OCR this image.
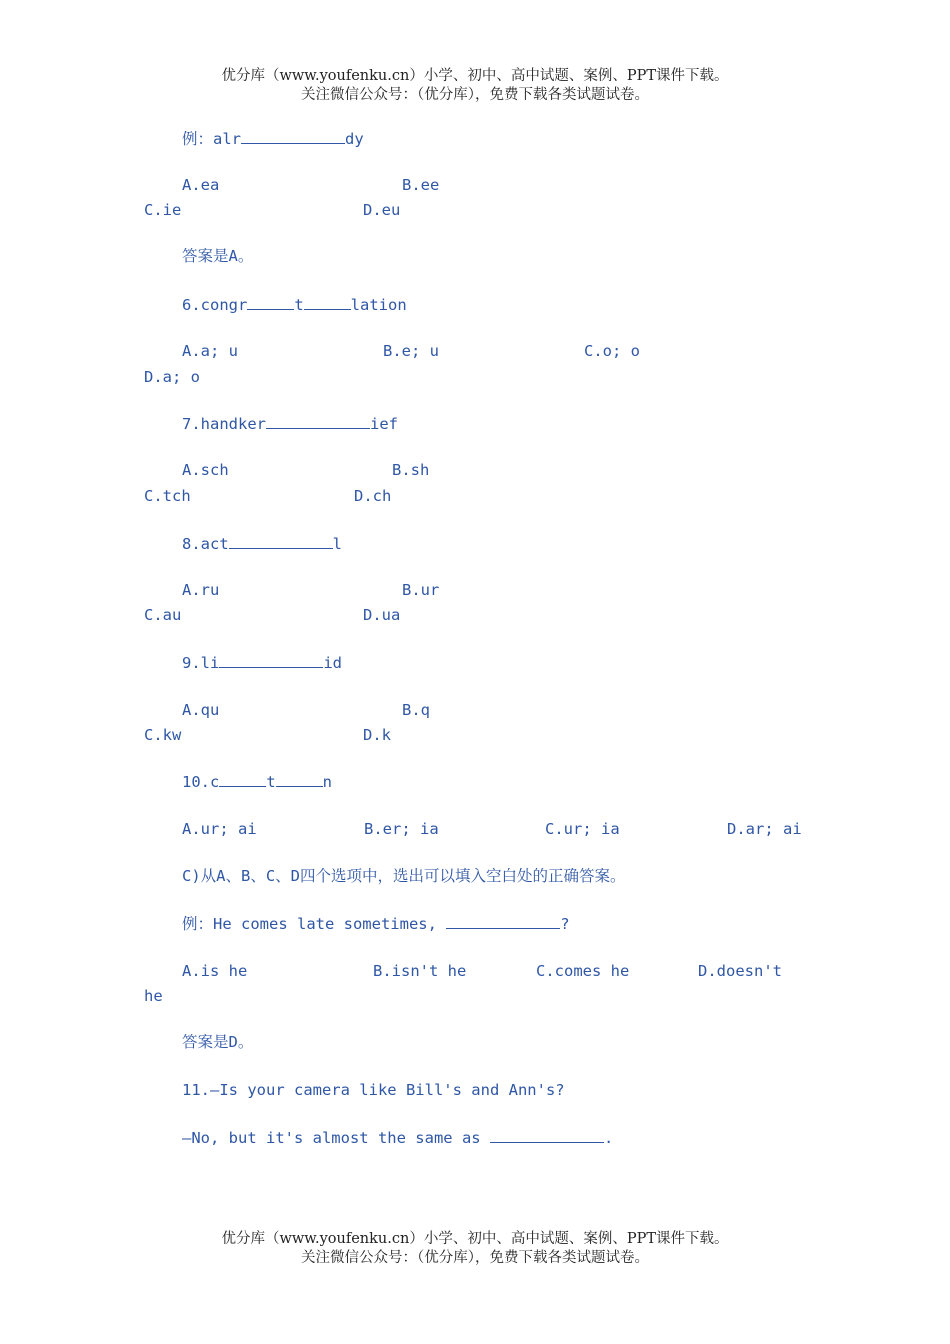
优分库（www.youfenku.cn）小学、初中、高中试题、案例、PPT课件下载。
关注微信公众号：（优分库），免费下载各类试题试卷。
例：alr	dy
A.ea	B.ee
C.ie	D.eu
答案是A。
6.congr	t	lation
A.a; u	B.e; u	C.o; o
D.a; o
7.handker	ief
A.sch	B.sh
C.tch	D.ch
8.act	l
A.ru	B.ur
C.au	D.ua
9.li	id
A.qu	B.q
C.kw	D.k
10.c	t	n
A.ur; ai	B.er; ia	C.ur; ia	D.ar; ai
C)从A、B、C、D四个选项中，选出可以填入空白处的正确答案。
例：He comes late sometimes,	?
A.is he	B.isn't he	C.comes he	D.doesn't
he
答案是D。
11.—Is your camera like Bill's and Ann's?
—No, but it's almost the same as	.
优分库（www.youfenku.cn）小学、初中、高中试题、案例、PPT课件下载。
关注微信公众号：（优分库），免费下载各类试题试卷。
